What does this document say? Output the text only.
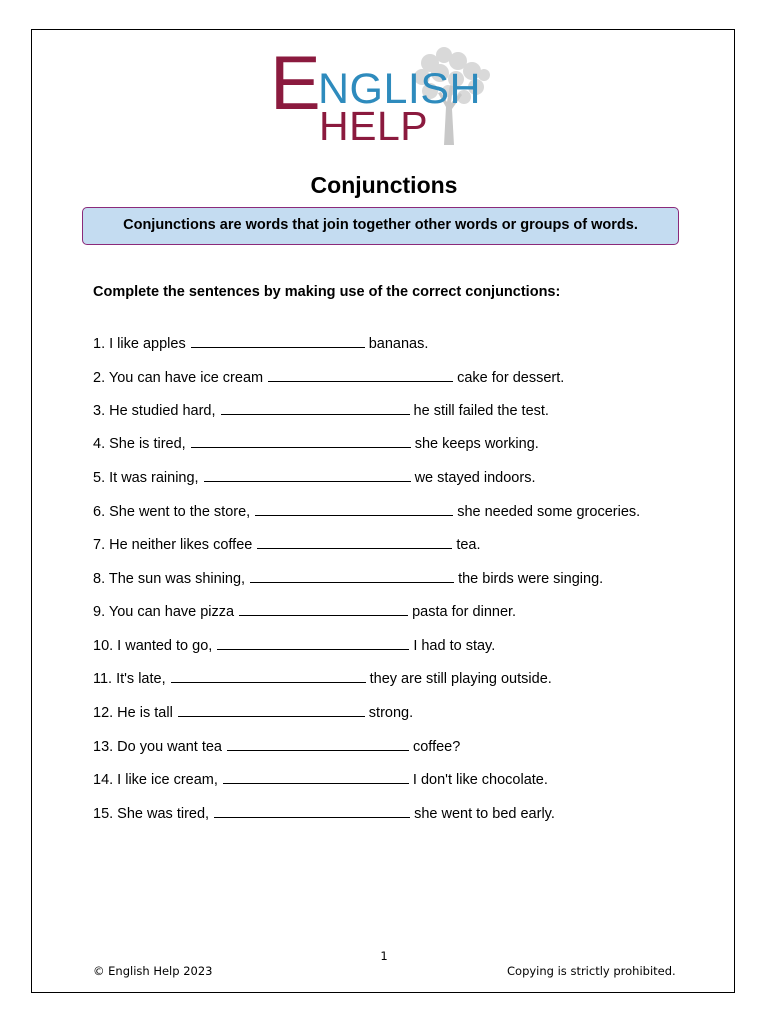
E
NGLISH
HELP
Conjunctions
Conjunctions are words that join together other words or groups of words.
Complete the sentences by making use of the correct conjunctions:
1. I like apples	bananas.
2. You can have ice cream	cake for dessert.
3. He studied hard,	he still failed the test.
4. She is tired,	she keeps working.
5. It was raining,	we stayed indoors.
6. She went to the store,	she needed some groceries.
7. He neither likes coffee	tea.
8. The sun was shining,	the birds were singing.
9. You can have pizza	pasta for dinner.
10. I wanted to go,	I had to stay.
11. It's late,	they are still playing outside.
12. He is tall	strong.
13. Do you want tea	coffee?
14. I like ice cream,	I don't like chocolate.
15. She was tired,	she went to bed early.
1
© English Help 2023	Copying is strictly prohibited.
